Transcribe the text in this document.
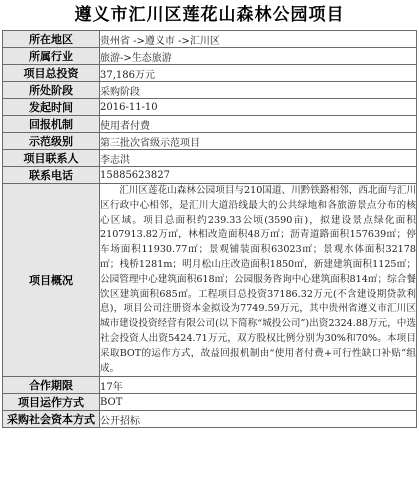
遵义市汇川区莲花山森林公园项目
所在地区	贵州省 ->遵义市 ->汇川区
所属行业	旅游->生态旅游
项目总投资	37,186万元
所处阶段	采购阶段
发起时间	2016-11-10
回报机制	使用者付费
示范级别	第三批次省级示范项目
项目联系人	李志洪
联系电话	15885623827
项目概况	汇川区莲花山森林公园项目与210国道、川黔铁路相邻，西北面与汇川区行政中心相邻，是汇川大道沿线最大的公共绿地和各旅游景点分布的核心区域。项目总面积约239.33公顷(3590亩)，拟建设景点绿化面积2107913.82万㎡，林相改造面积48万㎡；沥青道路面积157639㎡；停车场面积11930.77㎡；景观铺装面积63023㎡；景观水体面积32178㎡；栈桥1281m；明月松山庄改造面积1850㎡，新建建筑面积1125㎡；公园管理中心建筑面积618㎡；公园服务咨询中心建筑面积814㎡；综合餐饮区建筑面积685㎡。工程项目总投资37186.32万元(不含建设期贷款利息)，项目公司注册资本金拟设为7749.59万元，其中贵州省遵义市汇川区城市建设投资经营有限公司(以下简称“城投公司”)出资2324.88万元，中选社会投资人出资5424.71万元，双方股权比例分别为30%和70%。本项目采取BOT的运作方式，故益回报机制由“使用者付费+可行性缺口补贴”组成。
合作期限	17年
项目运作方式	BOT
采购社会资本方式	公开招标
